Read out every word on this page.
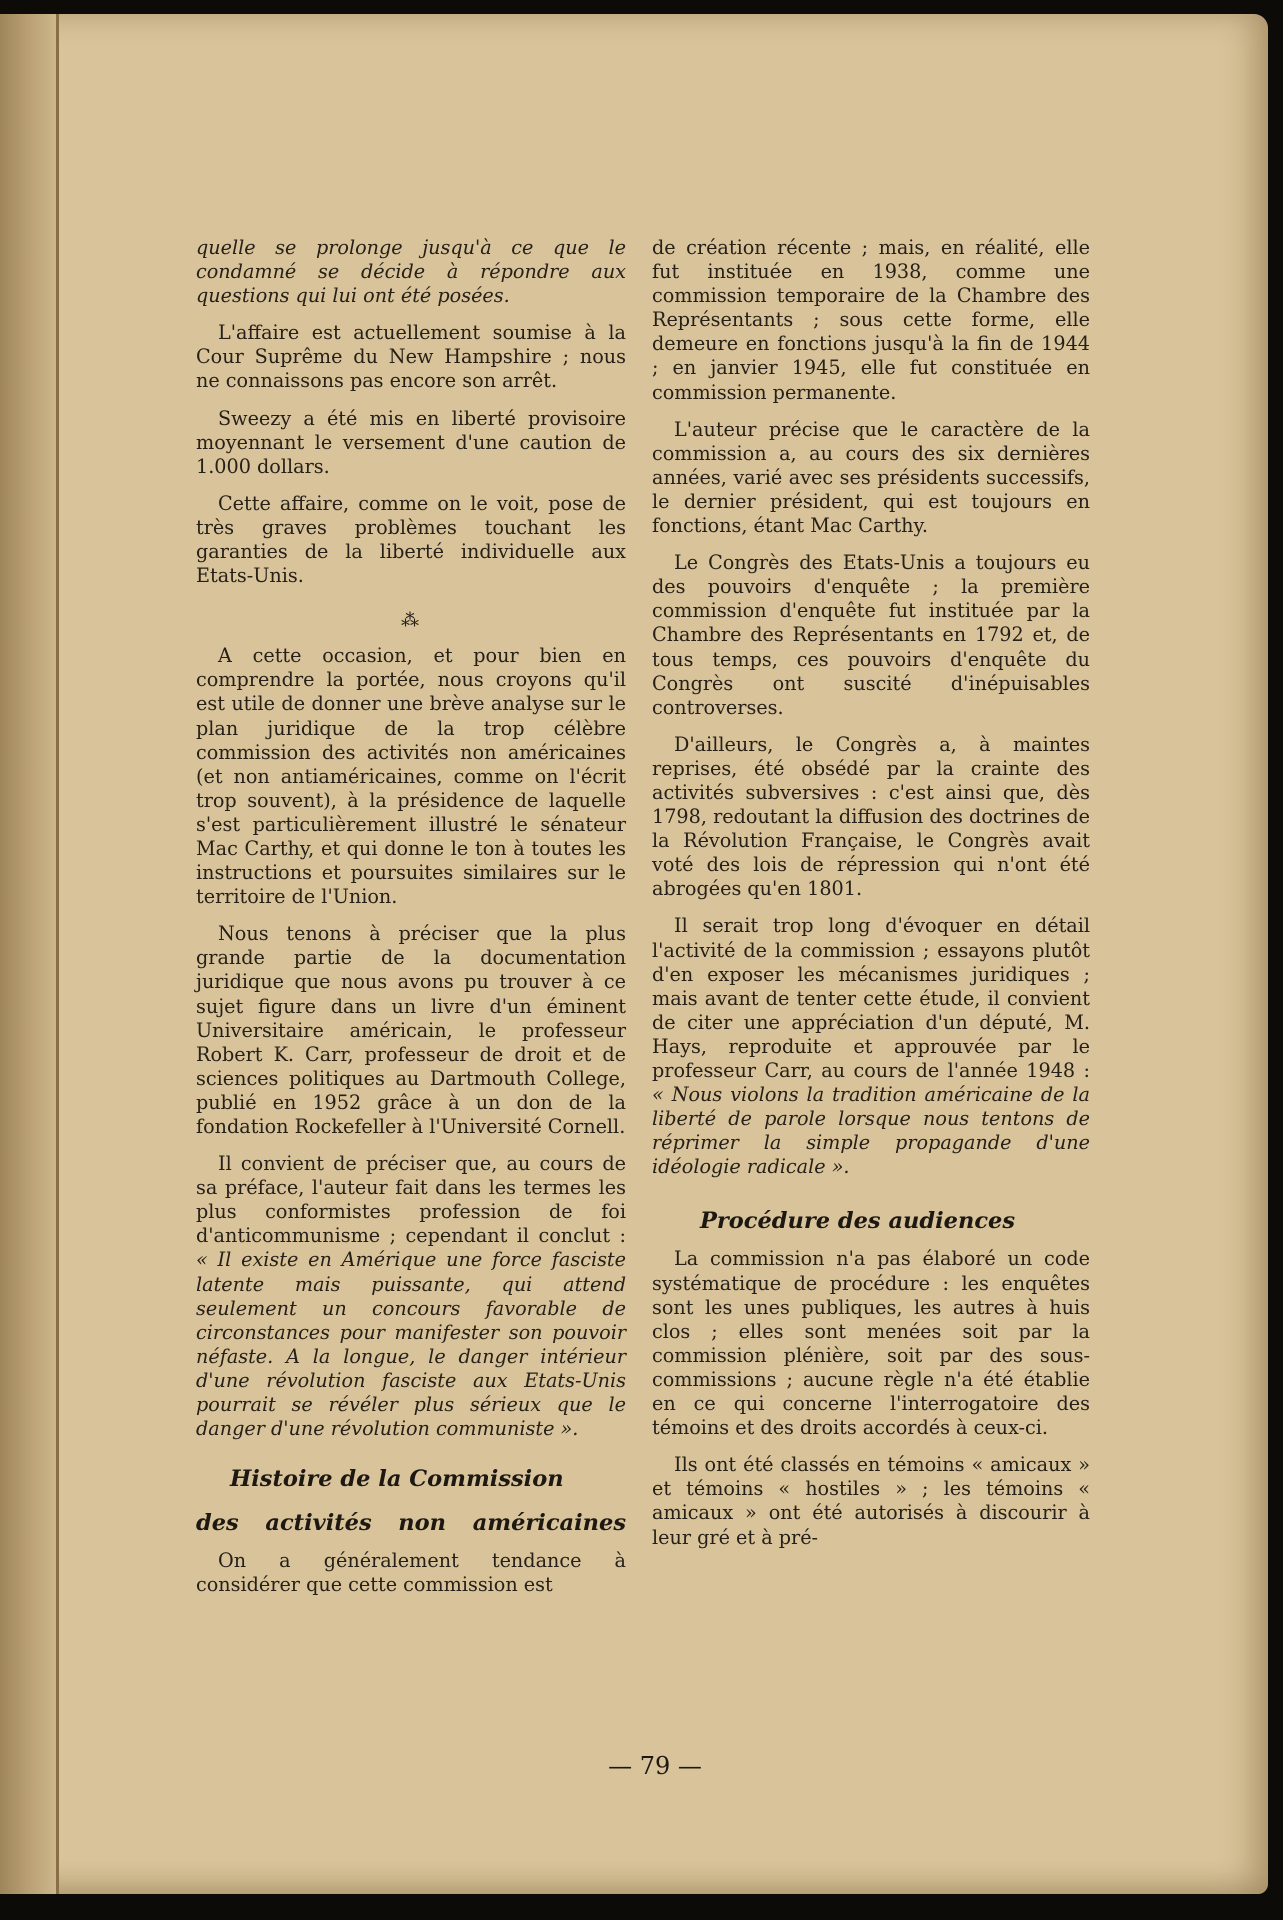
quelle se prolonge jusqu'à ce que le condamné se décide à répondre aux questions qui lui ont été posées.

L'affaire est actuellement soumise à la Cour Suprême du New Hampshire ; nous ne connaissons pas encore son arrêt.

Sweezy a été mis en liberté provisoire moyennant le versement d'une caution de 1.000 dollars.

Cette affaire, comme on le voit, pose de très graves problèmes touchant les garanties de la liberté individuelle aux Etats-Unis.

⁂

A cette occasion, et pour bien en comprendre la portée, nous croyons qu'il est utile de donner une brève analyse sur le plan juridique de la trop célèbre commission des activités non américaines (et non antiaméricaines, comme on l'écrit trop souvent), à la présidence de laquelle s'est particulièrement illustré le sénateur Mac Carthy, et qui donne le ton à toutes les instructions et poursuites similaires sur le territoire de l'Union.

Nous tenons à préciser que la plus grande partie de la documentation juridique que nous avons pu trouver à ce sujet figure dans un livre d'un éminent Universitaire américain, le professeur Robert K. Carr, professeur de droit et de sciences politiques au Dartmouth College, publié en 1952 grâce à un don de la fondation Rockefeller à l'Université Cornell.

Il convient de préciser que, au cours de sa préface, l'auteur fait dans les termes les plus conformistes profession de foi d'anticommunisme ; cependant il conclut : « Il existe en Amérique une force fasciste latente mais puissante, qui attend seulement un concours favorable de circonstances pour manifester son pouvoir néfaste. A la longue, le danger intérieur d'une révolution fasciste aux Etats-Unis pourrait se révéler plus sérieux que le danger d'une révolution communiste ».

Histoire de la Commission
des activités non américaines

On a généralement tendance à considérer que cette commission est

de création récente ; mais, en réalité, elle fut instituée en 1938, comme une commission temporaire de la Chambre des Représentants ; sous cette forme, elle demeure en fonctions jusqu'à la fin de 1944 ; en janvier 1945, elle fut constituée en commission permanente.

L'auteur précise que le caractère de la commission a, au cours des six dernières années, varié avec ses présidents successifs, le dernier président, qui est toujours en fonctions, étant Mac Carthy.

Le Congrès des Etats-Unis a toujours eu des pouvoirs d'enquête ; la première commission d'enquête fut instituée par la Chambre des Représentants en 1792 et, de tous temps, ces pouvoirs d'enquête du Congrès ont suscité d'inépuisables controverses.

D'ailleurs, le Congrès a, à maintes reprises, été obsédé par la crainte des activités subversives : c'est ainsi que, dès 1798, redoutant la diffusion des doctrines de la Révolution Française, le Congrès avait voté des lois de répression qui n'ont été abrogées qu'en 1801.

Il serait trop long d'évoquer en détail l'activité de la commission ; essayons plutôt d'en exposer les mécanismes juridiques ; mais avant de tenter cette étude, il convient de citer une appréciation d'un député, M. Hays, reproduite et approuvée par le professeur Carr, au cours de l'année 1948 : « Nous violons la tradition américaine de la liberté de parole lorsque nous tentons de réprimer la simple propagande d'une idéologie radicale ».

Procédure des audiences

La commission n'a pas élaboré un code systématique de procédure : les enquêtes sont les unes publiques, les autres à huis clos ; elles sont menées soit par la commission plénière, soit par des sous-commissions ; aucune règle n'a été établie en ce qui concerne l'interrogatoire des témoins et des droits accordés à ceux-ci.

Ils ont été classés en témoins « amicaux » et témoins « hostiles » ; les témoins « amicaux » ont été autorisés à discourir à leur gré et à pré-

— 79 —
